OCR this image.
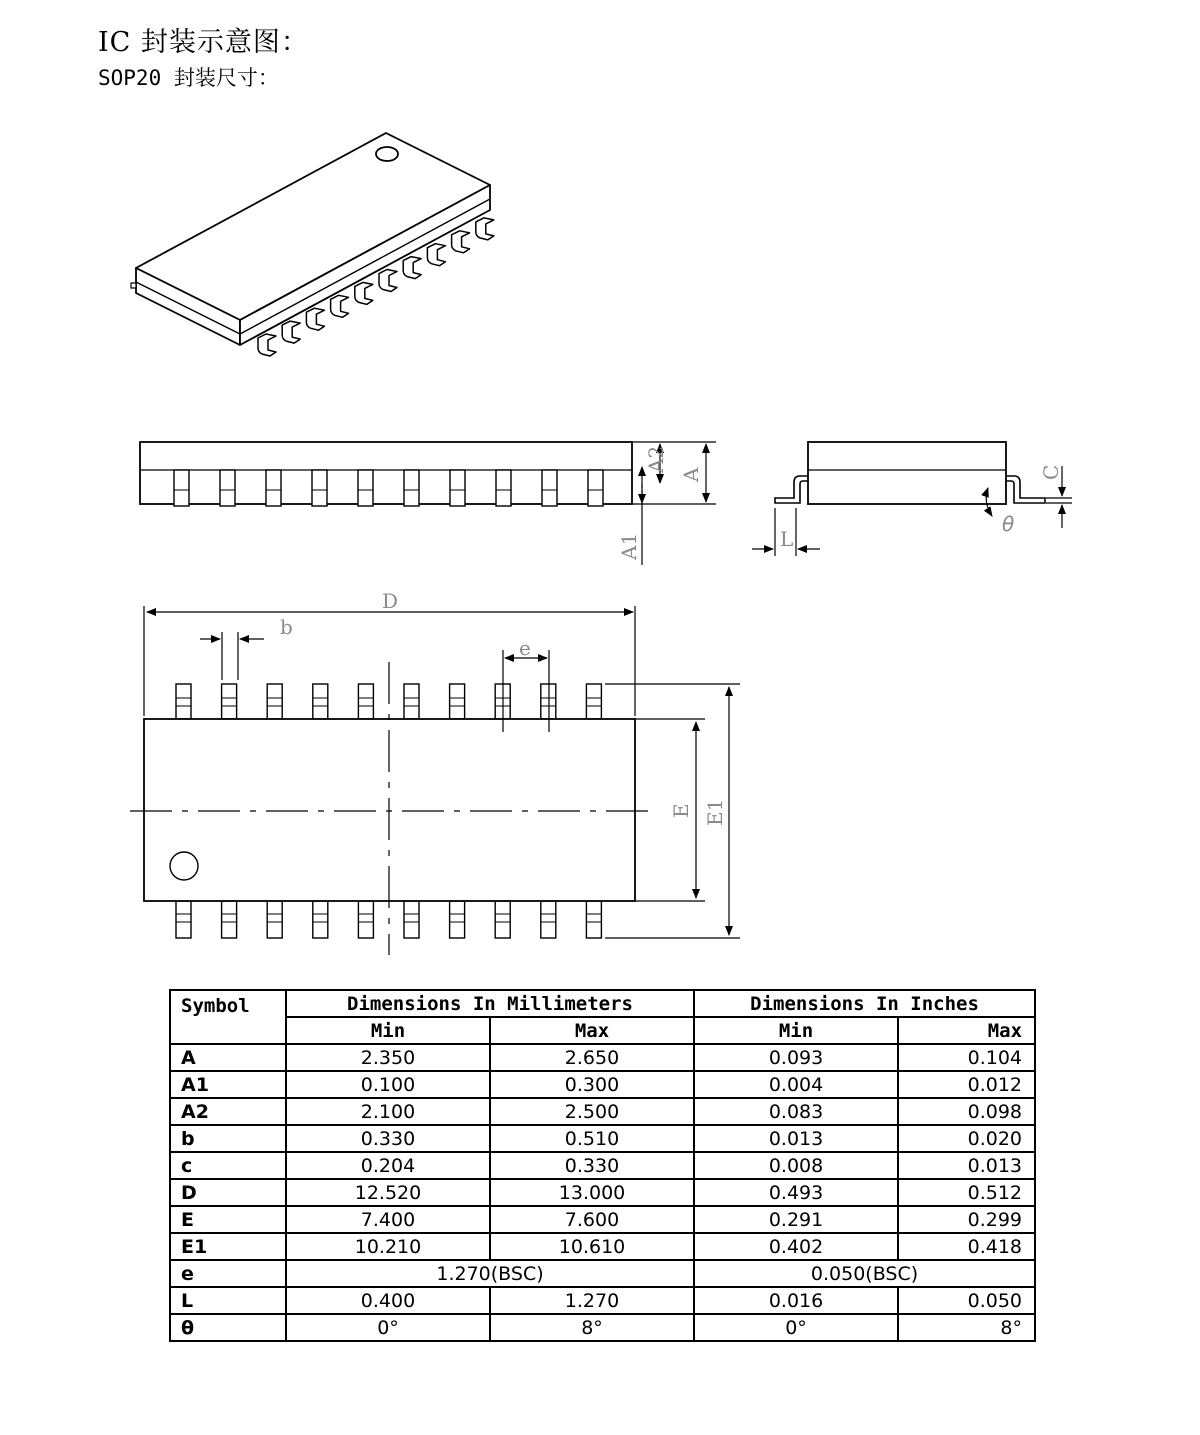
IC 封装示意图：
SOP20 封装尺寸：
A2
A
A1	L
C
θ
D
b
e
E E1
Symbol	Dimensions In Millimeters		Dimensions In Inches	
	Min	Max	Min	Max
A	2.350	2.650	0.093	0.104
A1	0.100	0.300	0.004	0.012
A2	2.100	2.500	0.083	0.098
b	0.330	0.510	0.013	0.020
c	0.204	0.330	0.008	0.013
D	12.520	13.000	0.493	0.512
E	7.400	7.600	0.291	0.299
E1	10.210	10.610	0.402	0.418
e	1.270(BSC)		0.050(BSC)	
L	0.400	1.270	0.016	0.050
θ	0°	8°	0°	8°
